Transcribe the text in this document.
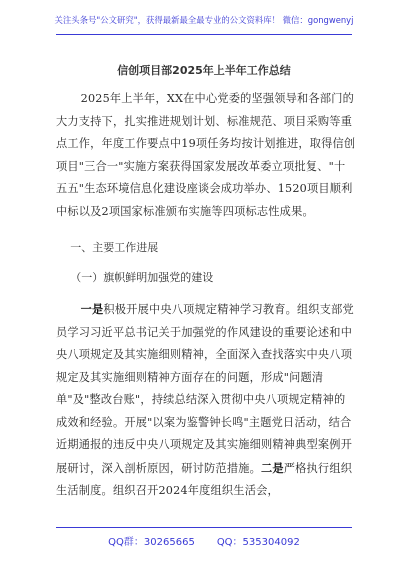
关注头条号"公文研究"，获得最新最全最专业的公文资料库！ 微信：gongwenyj
信创项目部2025年上半年工作总结

2025年上半年，XX在中心党委的坚强领导和各部门的大力支持下，扎实推进规划计划、标准规范、项目采购等重点工作，年度工作要点中19项任务均按计划推进，取得信创项目"三合一"实施方案获得国家发展改革委立项批复、"十五五"生态环境信息化建设座谈会成功举办、1520项目顺利中标以及2项国家标准颁布实施等四项标志性成果。

一、主要工作进展

（一）旗帜鲜明加强党的建设

一是积极开展中央八项规定精神学习教育。组织支部党员学习习近平总书记关于加强党的作风建设的重要论述和中央八项规定及其实施细则精神，全面深入查找落实中央八项规定及其实施细则精神方面存在的问题，形成"问题清单"及"整改台账"，持续总结深入贯彻中央八项规定精神的成效和经验。开展"以案为鉴警钟长鸣"主题党日活动，结合近期通报的违反中央八项规定及其实施细则精神典型案例开展研讨，深入剖析原因，研讨防范措施。二是严格执行组织生活制度。组织召开2024年度组织生活会，

QQ群：30265665 QQ：535304092
